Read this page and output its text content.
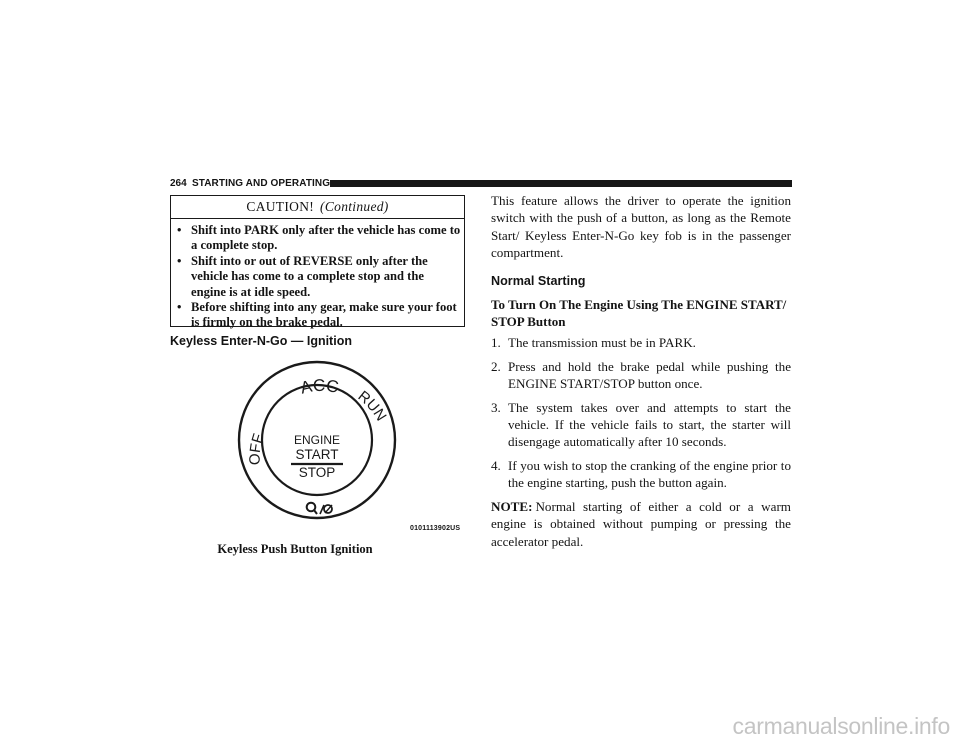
264 STARTING AND OPERATING
CAUTION! (Continued)
• Shift into PARK only after the vehicle has come to a complete stop.
• Shift into or out of REVERSE only after the vehicle has come to a complete stop and the engine is at idle speed.
• Before shifting into any gear, make sure your foot is firmly on the brake pedal.
Keyless Enter-N-Go — Ignition
ACC
OFF
RUN
ENGINE
START
STOP
0101113902US
Keyless Push Button Ignition

This feature allows the driver to operate the ignition switch with the push of a button, as long as the Remote Start/ Keyless Enter-N-Go key fob is in the passenger compartment.

Normal Starting
To Turn On The Engine Using The ENGINE START/ STOP Button
1. The transmission must be in PARK.
2. Press and hold the brake pedal while pushing the ENGINE START/STOP button once.
3. The system takes over and attempts to start the vehicle. If the vehicle fails to start, the starter will disengage automatically after 10 seconds.
4. If you wish to stop the cranking of the engine prior to the engine starting, push the button again.

NOTE: Normal starting of either a cold or a warm engine is obtained without pumping or pressing the accelerator pedal.

carmanualsonline.info
